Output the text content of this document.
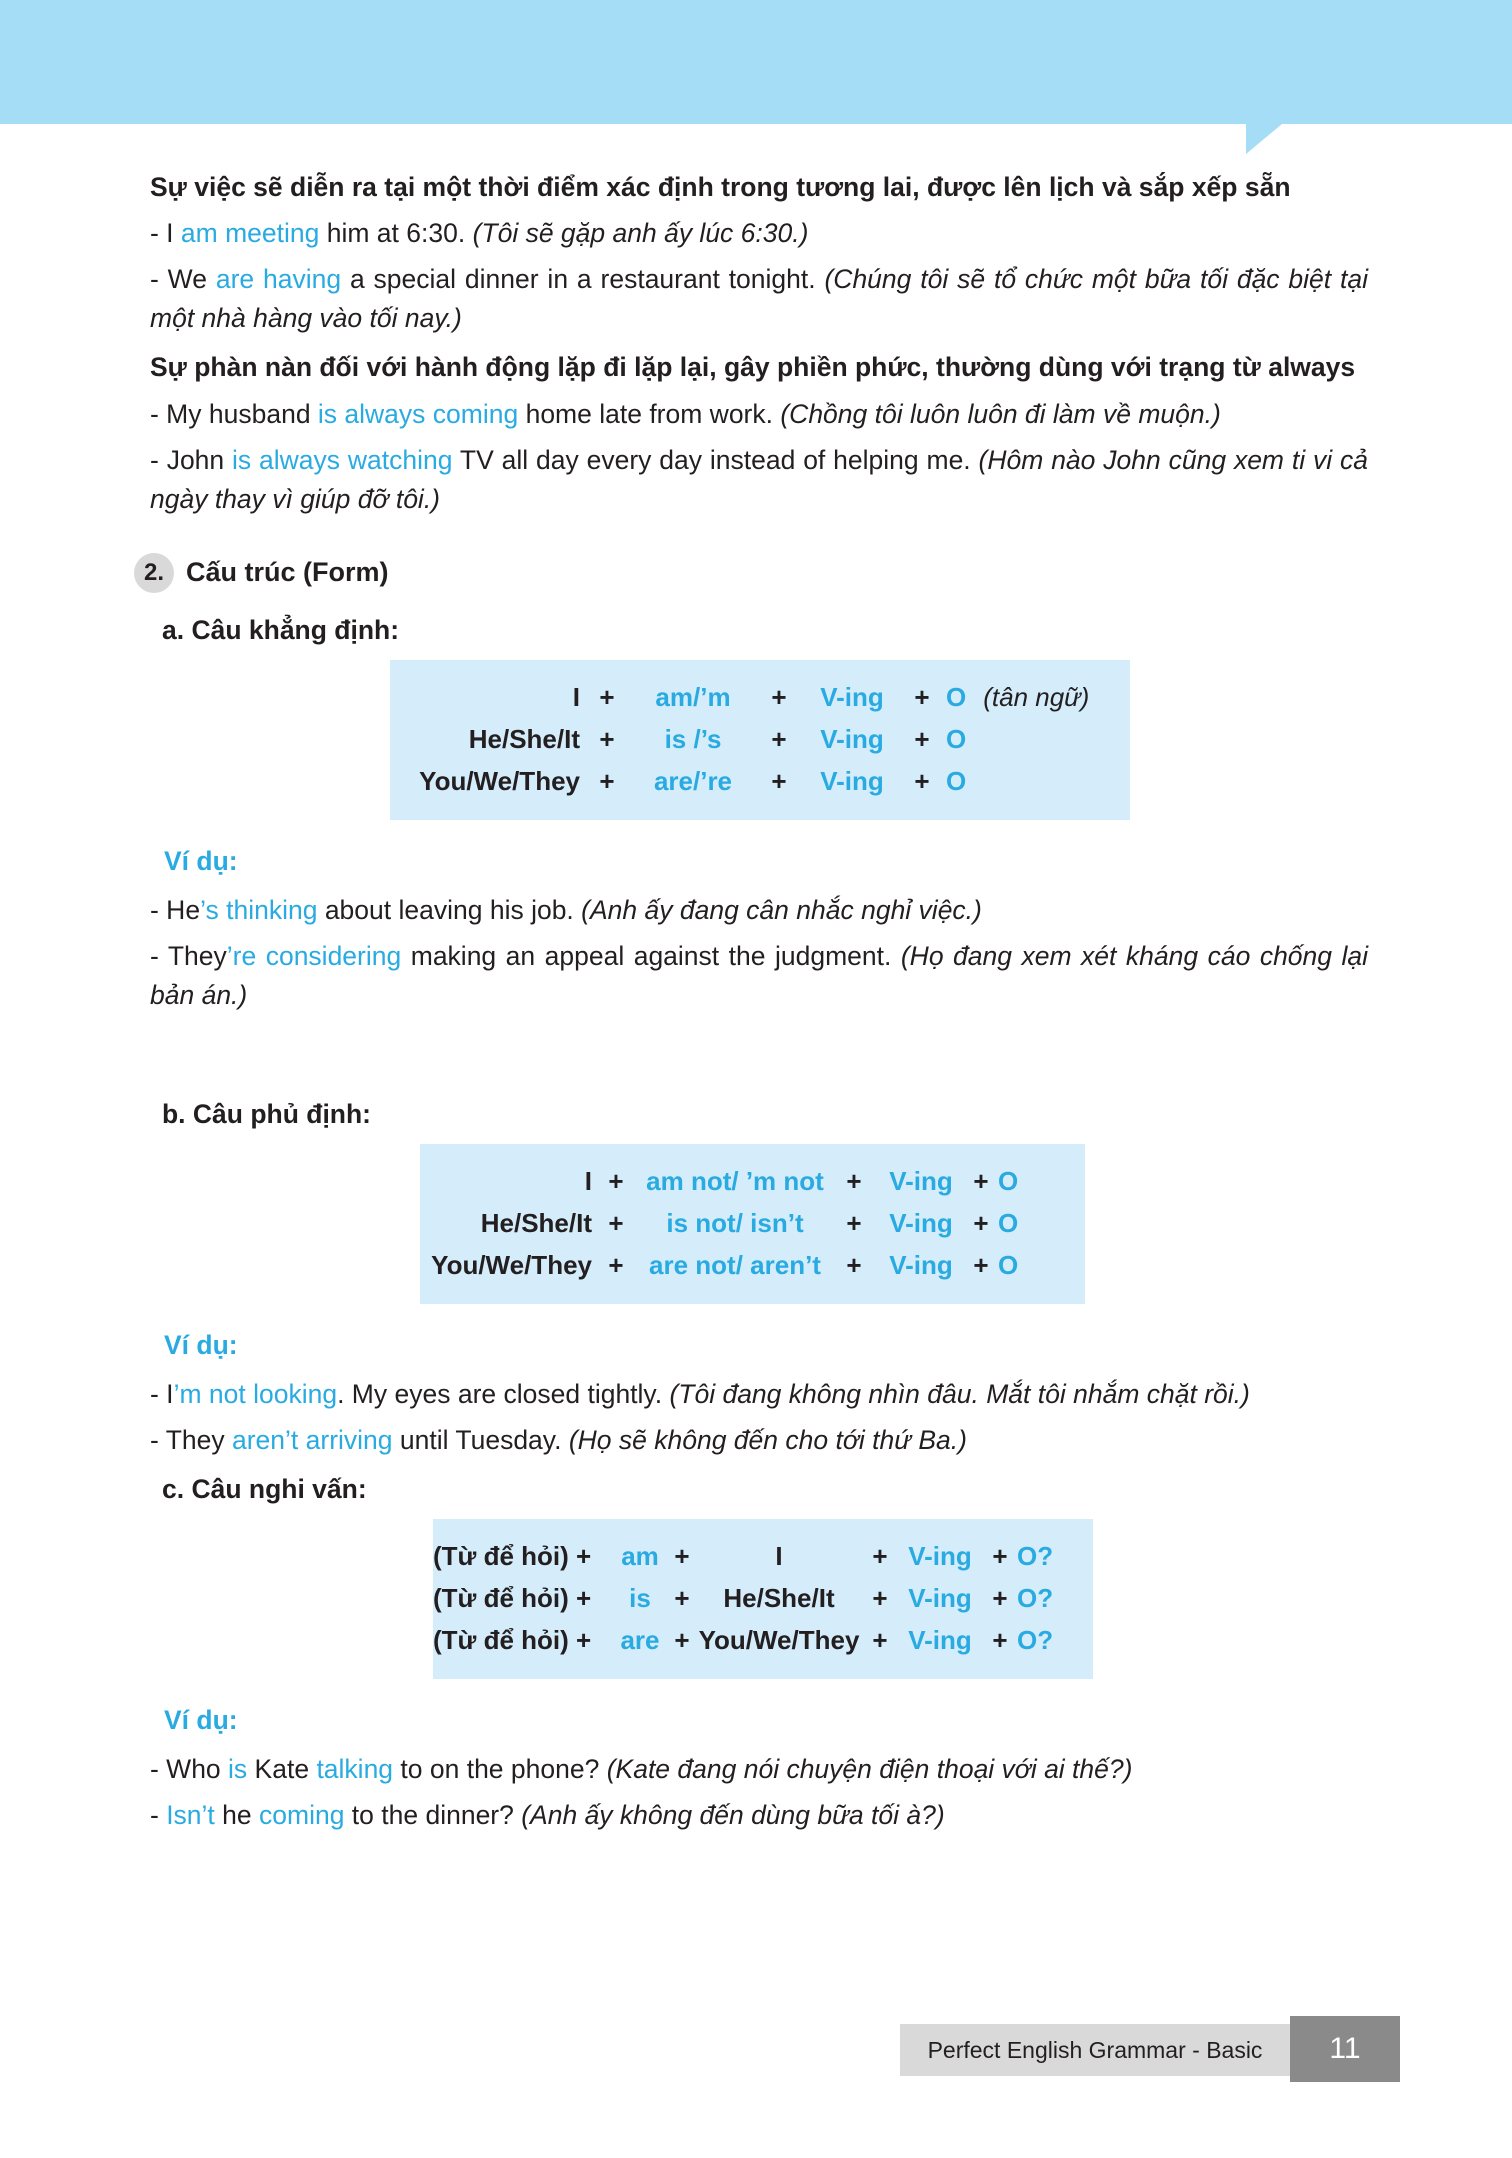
Sự việc sẽ diễn ra tại một thời điểm xác định trong tương lai, được lên lịch và sắp xếp sẵn

- I am meeting him at 6:30. (Tôi sẽ gặp anh ấy lúc 6:30.)

- We are having a special dinner in a restaurant tonight. (Chúng tôi sẽ tổ chức một bữa tối đặc biệt tại một nhà hàng vào tối nay.)

Sự phàn nàn đối với hành động lặp đi lặp lại, gây phiền phức, thường dùng với trạng từ always

- My husband is always coming home late from work. (Chồng tôi luôn luôn đi làm về muộn.)

- John is always watching TV all day every day instead of helping me. (Hôm nào John cũng xem ti vi cả ngày thay vì giúp đỡ tôi.)

2. Cấu trúc (Form)
a. Câu khẳng định:
I +	am/’m	+	V-ing	+ O (tân ngữ)
He/She/It +	is /’s	+	V-ing	+ O
You/We/They +	are/’re	+	V-ing	+ O
Ví dụ:

- He’s thinking about leaving his job. (Anh ấy đang cân nhắc nghỉ việc.)

- They’re considering making an appeal against the judgment. (Họ đang xem xét kháng cáo chống lại bản án.)

b. Câu phủ định:
I + am not/ ’m not +	V-ing + O
He/She/It +	is not/ isn’t	+	V-ing + O
You/We/They + are not/ aren’t +	V-ing + O
Ví dụ:

- I’m not looking. My eyes are closed tightly. (Tôi đang không nhìn đâu. Mắt tôi nhắm chặt rồi.)

- They aren’t arriving until Tuesday. (Họ sẽ không đến cho tới thứ Ba.)

c. Câu nghi vấn:
(Từ để hỏi) +	am +	I	+ V-ing + O?
(Từ để hỏi) +	is +	He/She/It	+ V-ing + O?
(Từ để hỏi) +	are + You/We/They + V-ing + O?
Ví dụ:

- Who is Kate talking to on the phone? (Kate đang nói chuyện điện thoại với ai thế?)

- Isn’t he coming to the dinner? (Anh ấy không đến dùng bữa tối à?)

Perfect English Grammar - Basic	11
